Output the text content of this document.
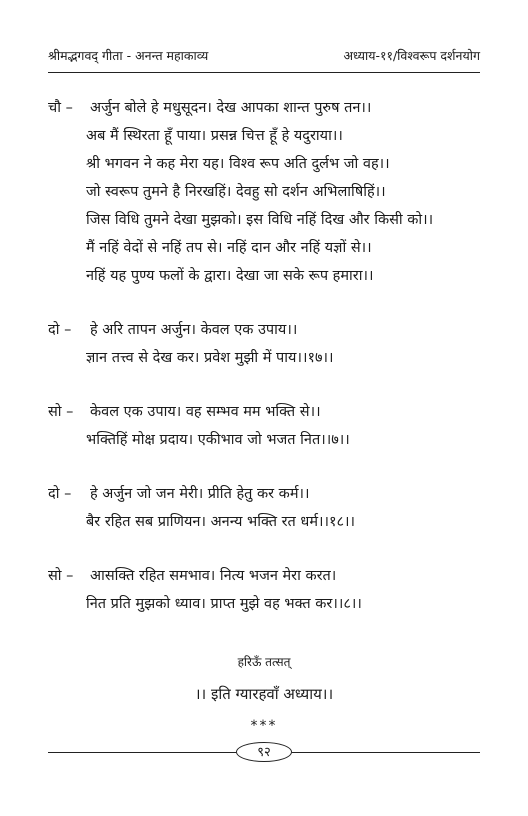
श्रीमद्भगवद् गीता - अनन्त महाकाव्य	अध्याय-११/विश्वरूप दर्शनयोग
चौ – अर्जुन बोले हे मधुसूदन। देख आपका शान्त पुरुष तन।।
अब मैं स्थिरता हूँ पाया। प्रसन्न चित्त हूँ हे यदुराया।।
श्री भगवन ने कह मेरा यह। विश्व रूप अति दुर्लभ जो वह।।
जो स्वरूप तुमने है निरखहिं। देवहु सो दर्शन अभिलाषिहिं।।
जिस विधि तुमने देखा मुझको। इस विधि नहिं दिख और किसी को।।
मैं नहिं वेदों से नहिं तप से। नहिं दान और नहिं यज्ञों से।।
नहिं यह पुण्य फलों के द्वारा। देखा जा सके रूप हमारा।।
दो – हे अरि तापन अर्जुन। केवल एक उपाय।।
ज्ञान तत्त्व से देख कर। प्रवेश मुझी में पाय।।१७।।
सो – केवल एक उपाय। वह सम्भव मम भक्ति से।।
भक्तिहिं मोक्ष प्रदाय। एकीभाव जो भजत नित।।७।।
दो – हे अर्जुन जो जन मेरी। प्रीति हेतु कर कर्म।।
बैर रहित सब प्राणियन। अनन्य भक्ति रत धर्म।।१८।।
सो – आसक्ति रहित समभाव। नित्य भजन मेरा करत।
नित प्रति मुझको ध्याव। प्राप्त मुझे वह भक्त कर।।८।।
हरिऊँ तत्सत्
।। इति ग्यारहवाँ अध्याय।।
***
९२
